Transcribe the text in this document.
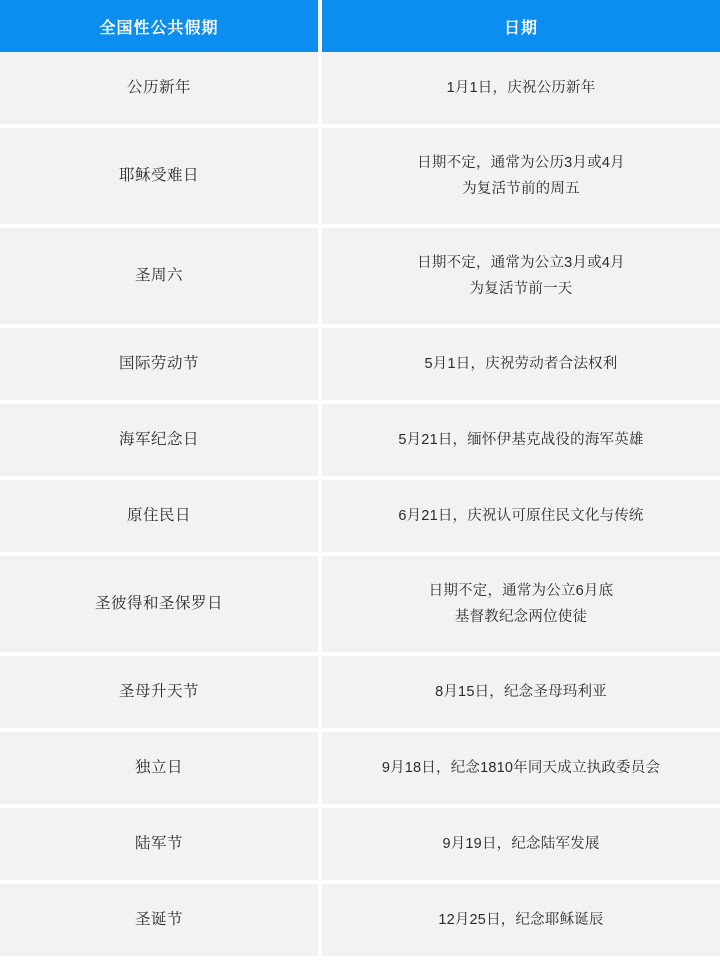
全国性公共假期		日期
公历新年		1月1日，庆祝公历新年

耶稣受难日		日期不定，通常为公历3月或4月
为复活节前的周五

圣周六		日期不定，通常为公立3月或4月
为复活节前一天

国际劳动节		5月1日，庆祝劳动者合法权利

海军纪念日		5月21日，缅怀伊基克战役的海军英雄

原住民日		6月21日，庆祝认可原住民文化与传统

圣彼得和圣保罗日		日期不定，通常为公立6月底
基督教纪念两位使徒

圣母升天节		8月15日，纪念圣母玛利亚

独立日		9月18日，纪念1810年同天成立执政委员会

陆军节		9月19日，纪念陆军发展

圣诞节		12月25日，纪念耶稣诞辰
